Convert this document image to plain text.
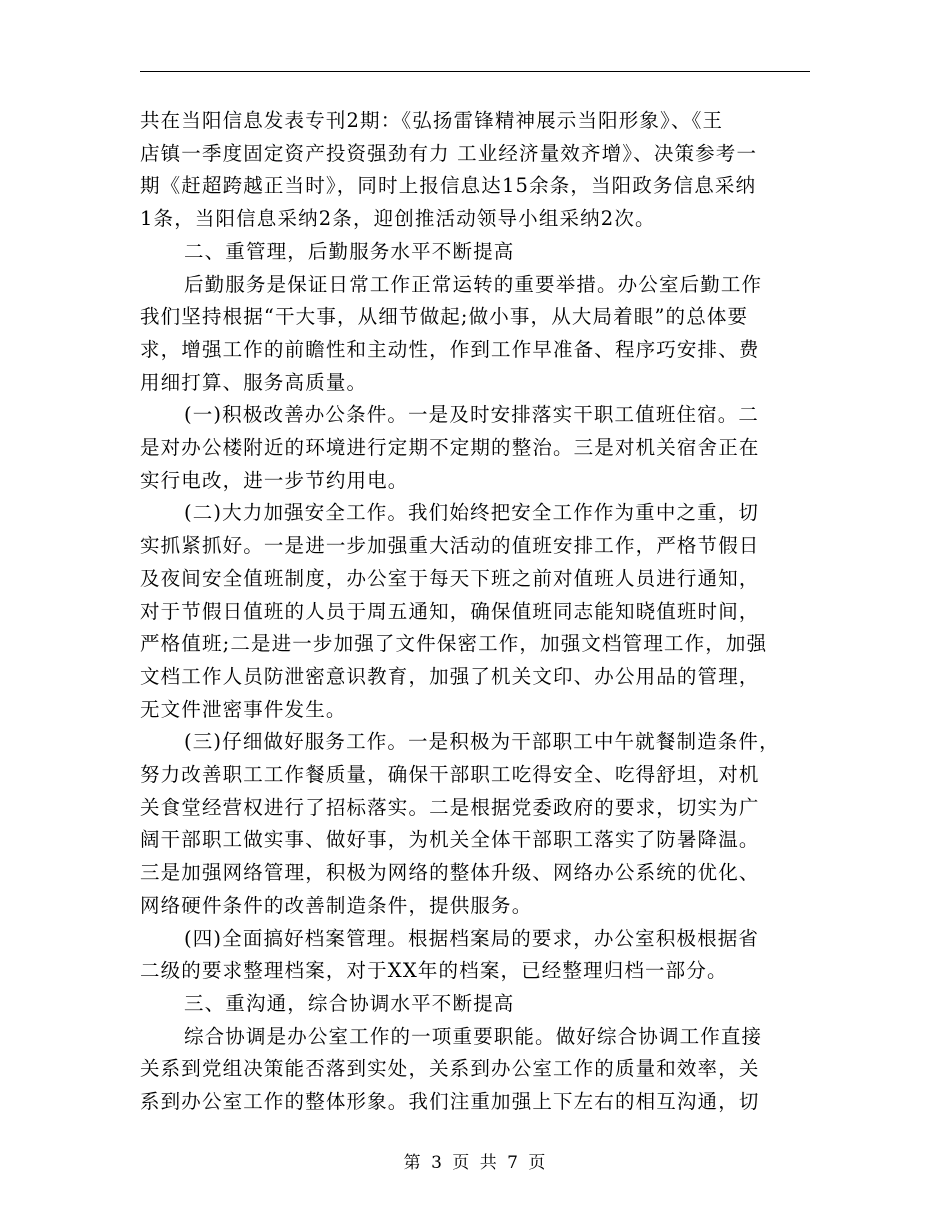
共在当阳信息发表专刊2期：《弘扬雷锋精神展示当阳形象》、《王
店镇一季度固定资产投资强劲有力 工业经济量效齐增》、决策参考一
期《赶超跨越正当时》，同时上报信息达15余条，当阳政务信息采纳
1条，当阳信息采纳2条，迎创推活动领导小组采纳2次。

二、重管理，后勤服务水平不断提高

后勤服务是保证日常工作正常运转的重要举措。办公室后勤工作
我们坚持根据“干大事，从细节做起;做小事，从大局着眼”的总体要
求，增强工作的前瞻性和主动性，作到工作早准备、程序巧安排、费
用细打算、服务高质量。

(一)积极改善办公条件。一是及时安排落实干职工值班住宿。二
是对办公楼附近的环境进行定期不定期的整治。三是对机关宿舍正在
实行电改，进一步节约用电。

(二)大力加强安全工作。我们始终把安全工作作为重中之重，切
实抓紧抓好。一是进一步加强重大活动的值班安排工作，严格节假日
及夜间安全值班制度，办公室于每天下班之前对值班人员进行通知，
对于节假日值班的人员于周五通知，确保值班同志能知晓值班时间，
严格值班;二是进一步加强了文件保密工作，加强文档管理工作，加强
文档工作人员防泄密意识教育，加强了机关文印、办公用品的管理，
无文件泄密事件发生。

(三)仔细做好服务工作。一是积极为干部职工中午就餐制造条件，
努力改善职工工作餐质量，确保干部职工吃得安全、吃得舒坦，对机
关食堂经营权进行了招标落实。二是根据党委政府的要求，切实为广
阔干部职工做实事、做好事，为机关全体干部职工落实了防暑降温。
三是加强网络管理，积极为网络的整体升级、网络办公系统的优化、
网络硬件条件的改善制造条件，提供服务。

(四)全面搞好档案管理。根据档案局的要求，办公室积极根据省
二级的要求整理档案，对于XX年的档案，已经整理归档一部分。

三、重沟通，综合协调水平不断提高

综合协调是办公室工作的一项重要职能。做好综合协调工作直接
关系到党组决策能否落到实处，关系到办公室工作的质量和效率，关
系到办公室工作的整体形象。我们注重加强上下左右的相互沟通，切

第 3 页 共 7 页
